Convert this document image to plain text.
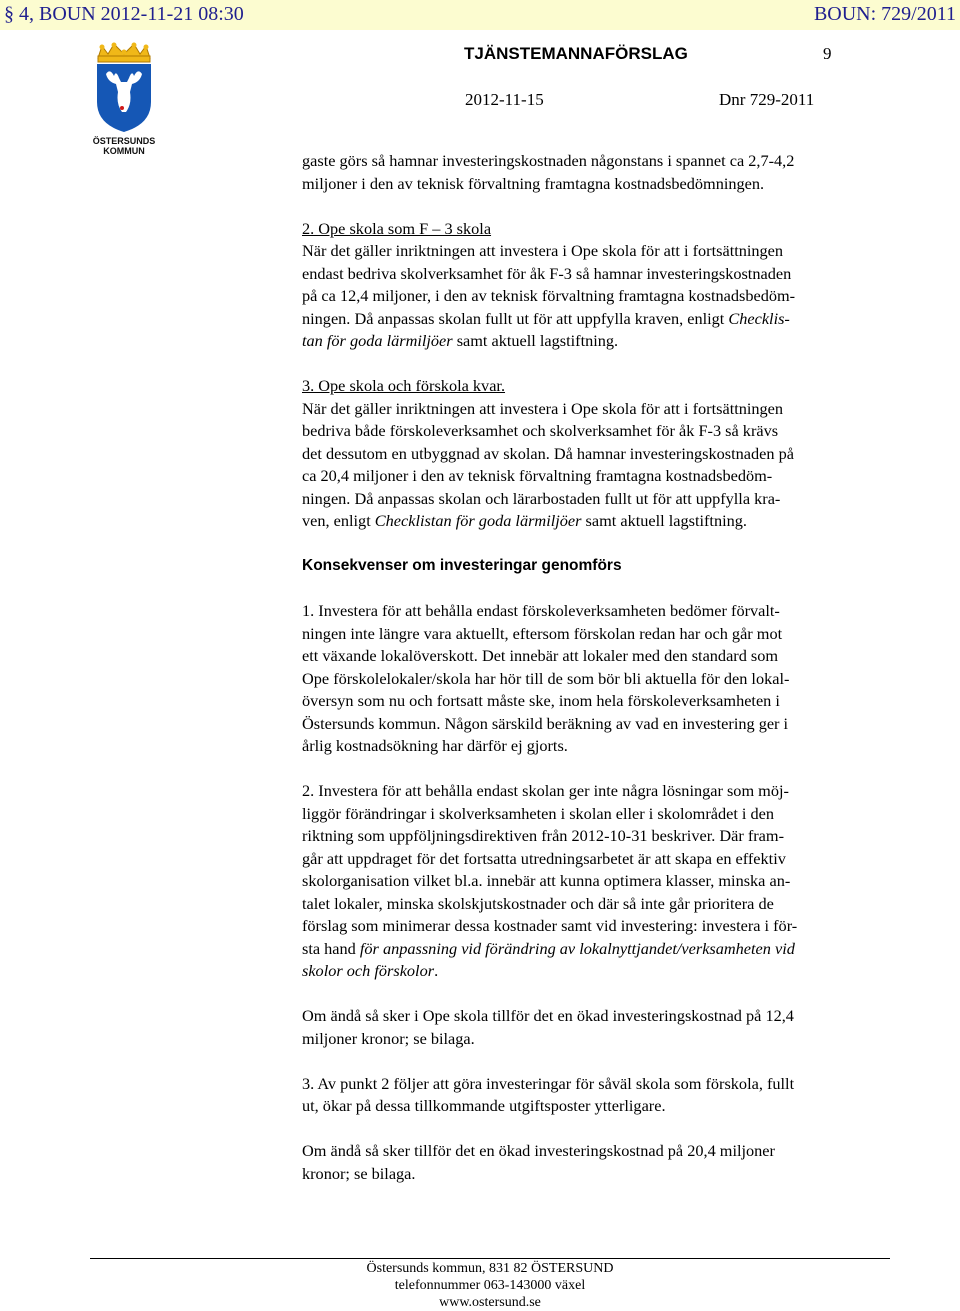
§ 4, BOUN 2012-11-21 08:30	BOUN: 729/2011
ÖSTERSUNDS
KOMMUN
TJÄNSTEMANNAFÖRSLAG	9
2012-11-15	Dnr 729-2011

gaste görs så hamnar investeringskostnaden någonstans i spannet ca 2,7-4,2

miljoner i den av teknisk förvaltning framtagna kostnadsbedömningen.

2. Ope skola som F – 3 skola

När det gäller inriktningen att investera i Ope skola för att i fortsättningen

endast bedriva skolverksamhet för åk F-3 så hamnar investeringskostnaden

på ca 12,4 miljoner, i den av teknisk förvaltning framtagna kostnadsbedöm-

ningen. Då anpassas skolan fullt ut för att uppfylla kraven, enligt Checklis-

tan för goda lärmiljöer samt aktuell lagstiftning.

3. Ope skola och förskola kvar.

När det gäller inriktningen att investera i Ope skola för att i fortsättningen

bedriva både förskoleverksamhet och skolverksamhet för åk F-3 så krävs

det dessutom en utbyggnad av skolan. Då hamnar investeringskostnaden på

ca 20,4 miljoner i den av teknisk förvaltning framtagna kostnadsbedöm-

ningen. Då anpassas skolan och lärarbostaden fullt ut för att uppfylla kra-

ven, enligt Checklistan för goda lärmiljöer samt aktuell lagstiftning.

Konsekvenser om investeringar genomförs

1. Investera för att behålla endast förskoleverksamheten bedömer förvalt-

ningen inte längre vara aktuellt, eftersom förskolan redan har och går mot

ett växande lokalöverskott. Det innebär att lokaler med den standard som

Ope förskolelokaler/skola har hör till de som bör bli aktuella för den lokal-

översyn som nu och fortsatt måste ske, inom hela förskoleverksamheten i

Östersunds kommun. Någon särskild beräkning av vad en investering ger i

årlig kostnadsökning har därför ej gjorts.

2. Investera för att behålla endast skolan ger inte några lösningar som möj-

liggör förändringar i skolverksamheten i skolan eller i skolområdet i den

riktning som uppföljningsdirektiven från 2012-10-31 beskriver. Där fram-

går att uppdraget för det fortsatta utredningsarbetet är att skapa en effektiv

skolorganisation vilket bl.a. innebär att kunna optimera klasser, minska an-

talet lokaler, minska skolskjutskostnader och där så inte går prioritera de

förslag som minimerar dessa kostnader samt vid investering: investera i för-

sta hand för anpassning vid förändring av lokalnyttjandet/verksamheten vid

skolor och förskolor.

Om ändå så sker i Ope skola tillför det en ökad investeringskostnad på 12,4

miljoner kronor; se bilaga.

3. Av punkt 2 följer att göra investeringar för såväl skola som förskola, fullt

ut, ökar på dessa tillkommande utgiftsposter ytterligare.

Om ändå så sker tillför det en ökad investeringskostnad på 20,4 miljoner

kronor; se bilaga.

Östersunds kommun, 831 82 ÖSTERSUND
telefonnummer 063-143000 växel
www.ostersund.se
